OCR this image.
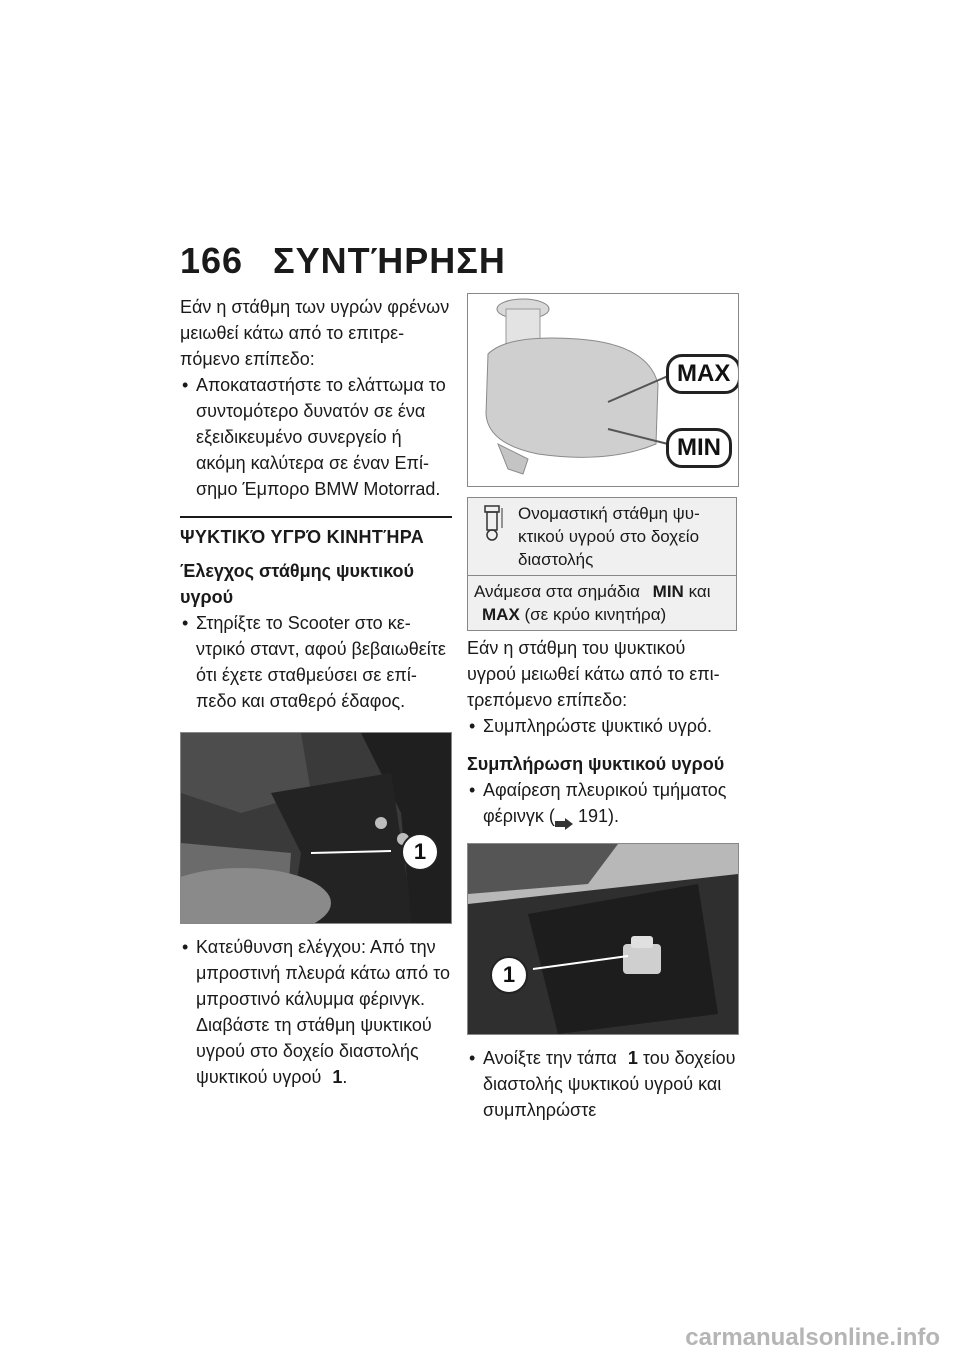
166 ΣΥΝΤΉΡΗΣΗ

Εάν η στάθμη των υγρών φρένων μειωθεί κάτω από το επιτρε-πόμενο επίπεδο:

• Αποκαταστήστε το ελάττωμα το συντομότερο δυνατόν σε ένα εξειδικευμένο συνεργείο ή ακόμη καλύτερα σε έναν Επί-σημο Έμπορο BMW Motorrad.

ΨΥΚΤΙΚΌ ΥΓΡΌ ΚΙΝΗΤΉΡΑ
Έλεγχος στάθμης ψυκτικού υγρού

• Στηρίξτε το Scooter στο κε-ντρικό σταντ, αφού βεβαιωθείτε ότι έχετε σταθμεύσει σε επί-πεδο και σταθερό έδαφος.

1

• Κατεύθυνση ελέγχου: Από την μπροστινή πλευρά κάτω από το μπροστινό κάλυμμα φέρινγκ. Διαβάστε τη στάθμη ψυκτικού υγρού στο δοχείο διαστολής ψυκτικού υγρού 1.

MAX
MIN
Ονομαστική στάθμη ψυ-κτικού υγρού στο δοχείο διαστολής
Ανάμεσα στα σημάδια MIN και MAX (σε κρύο κινητήρα)

Εάν η στάθμη του ψυκτικού υγρού μειωθεί κάτω από το επι-τρεπόμενο επίπεδο:

• Συμπληρώστε ψυκτικό υγρό.

Συμπλήρωση ψυκτικού υγρού

• Αφαίρεση πλευρικού τμήματος φέρινγκ ( 191).

1

• Ανοίξτε την τάπα 1 του δοχείου διαστολής ψυκτικού υγρού και συμπληρώστε

carmanualsonline.info
